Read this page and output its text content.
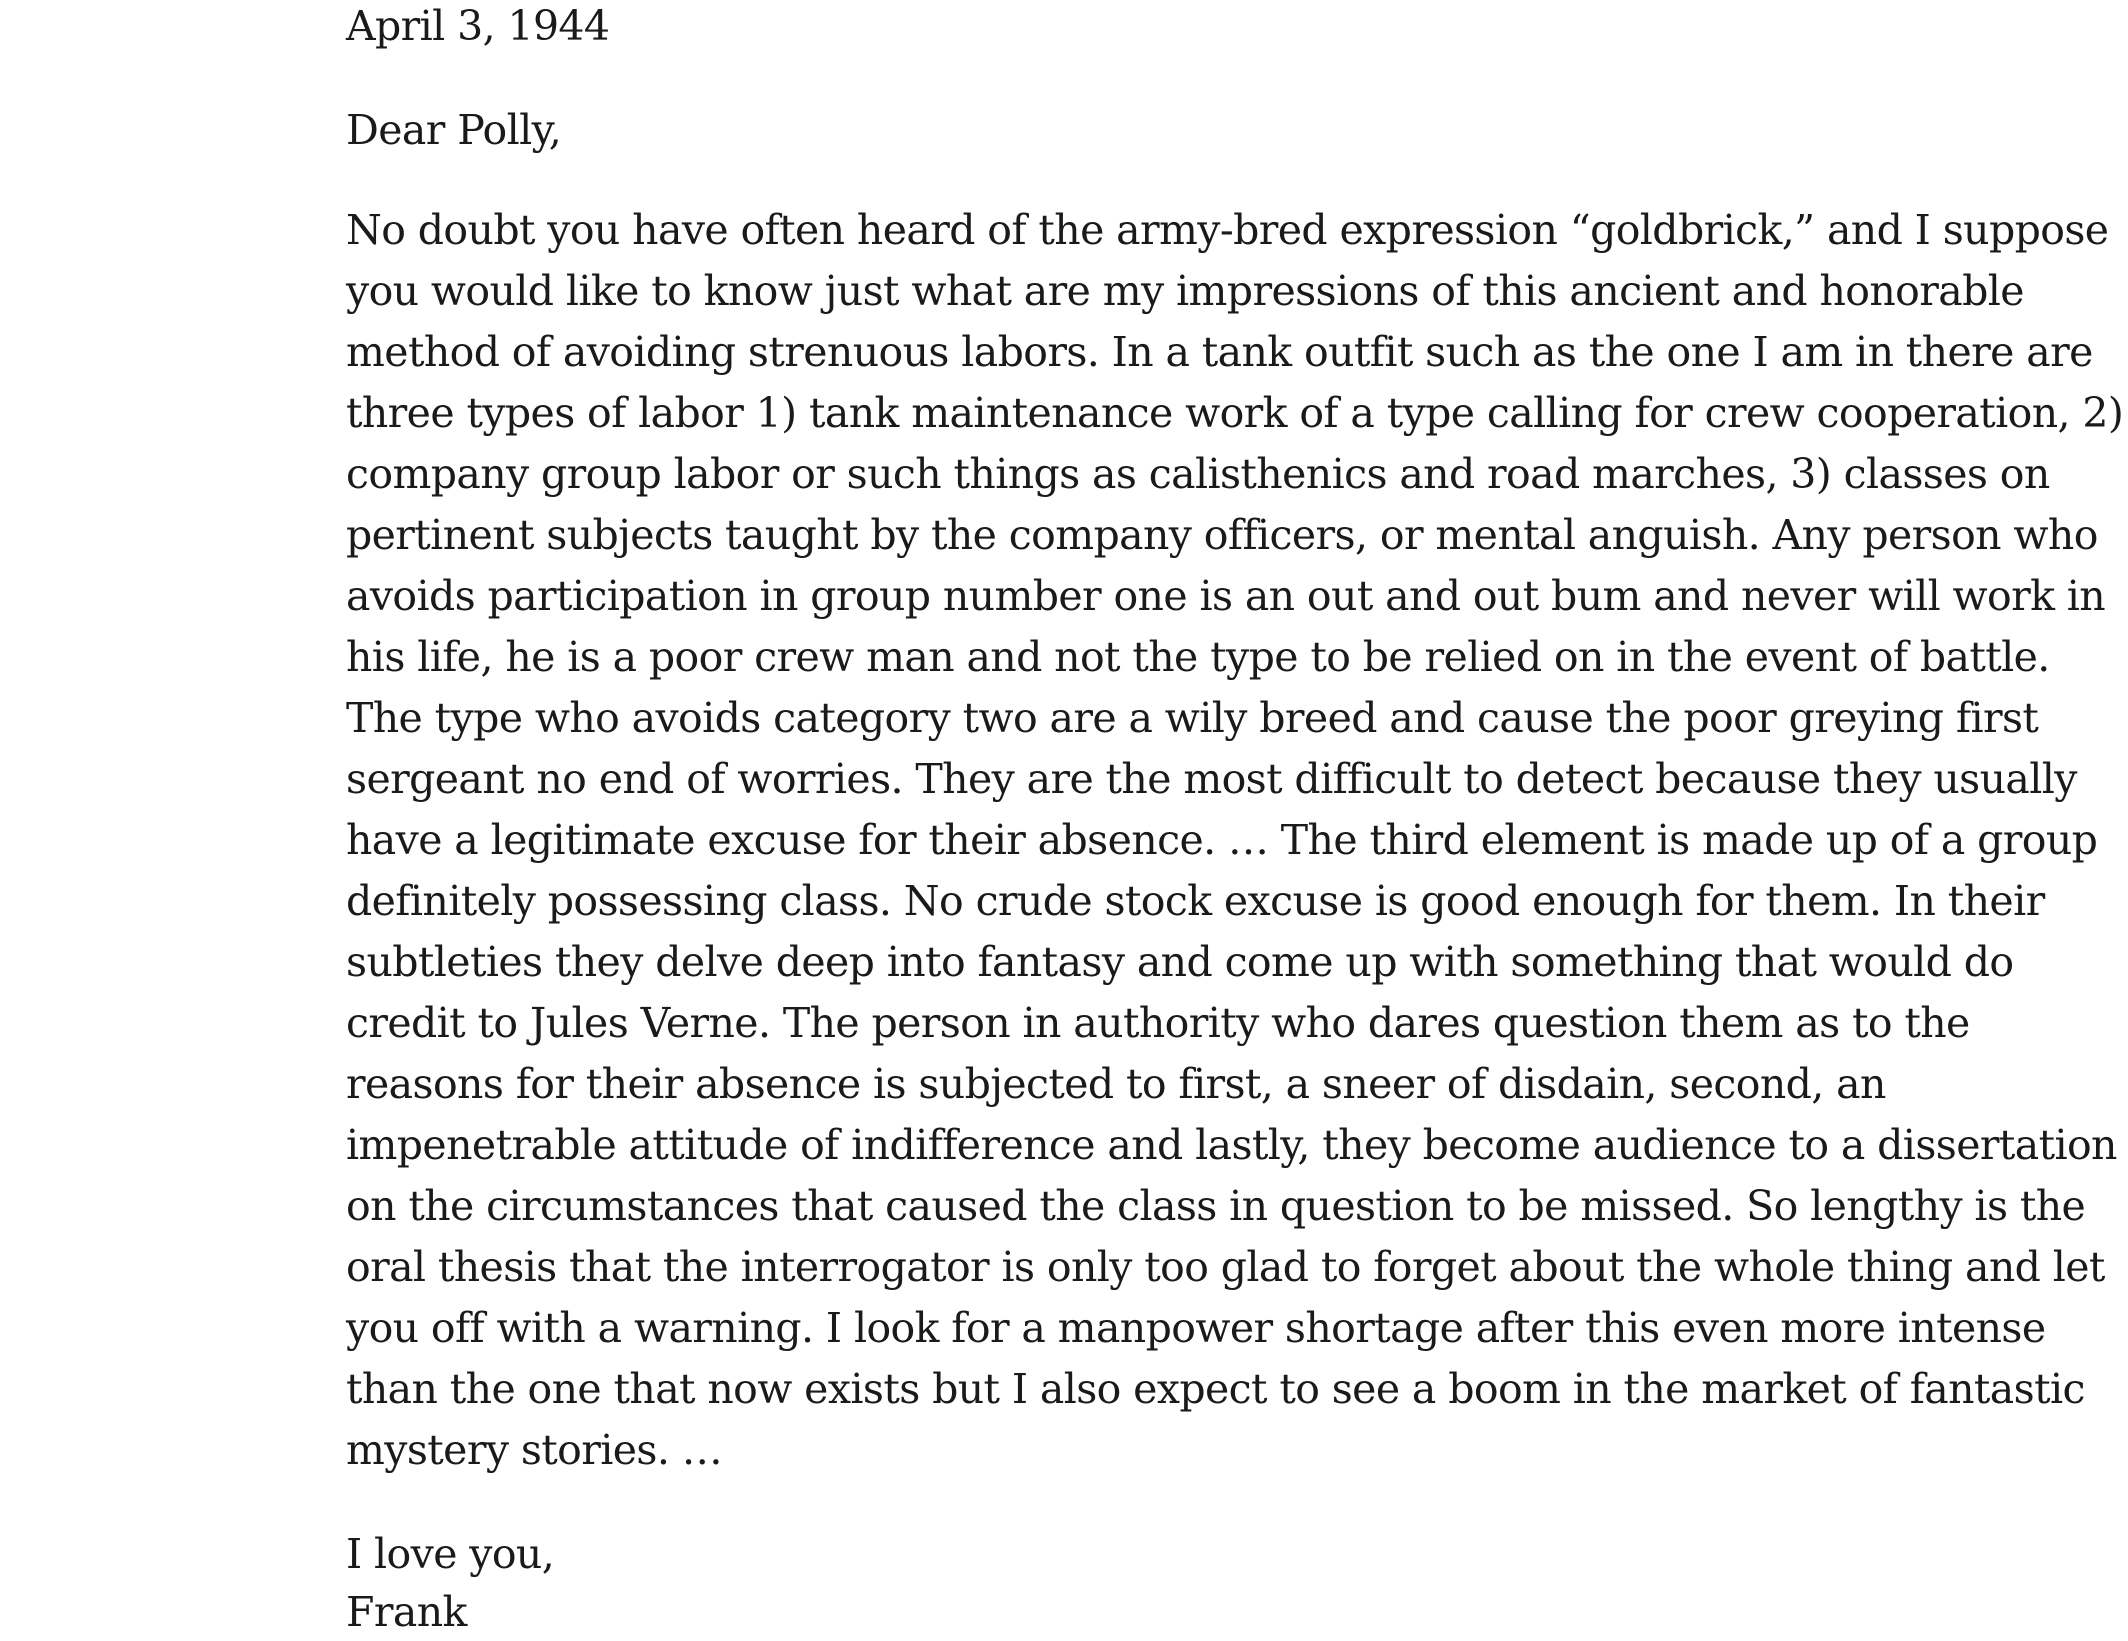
April 3, 1944

Dear Polly,

No doubt you have often heard of the army-bred expression “goldbrick,” and I suppose you would like to know just what are my impressions of this ancient and honorable method of avoiding strenuous labors. In a tank outfit such as the one I am in there are three types of labor 1) tank maintenance work of a type calling for crew cooperation, 2) company group labor or such things as calisthenics and road marches, 3) classes on pertinent subjects taught by the company officers, or mental anguish. Any person who avoids participation in group number one is an out and out bum and never will work in his life, he is a poor crew man and not the type to be relied on in the event of battle. The type who avoids category two are a wily breed and cause the poor greying first sergeant no end of worries. They are the most difficult to detect because they usually have a legitimate excuse for their absence. … The third element is made up of a group definitely possessing class. No crude stock excuse is good enough for them. In their subtleties they delve deep into fantasy and come up with something that would do credit to Jules Verne. The person in authority who dares question them as to the reasons for their absence is subjected to first, a sneer of disdain, second, an impenetrable attitude of indifference and lastly, they become audience to a dissertation on the circumstances that caused the class in question to be missed. So lengthy is the oral thesis that the interrogator is only too glad to forget about the whole thing and let you off with a warning. I look for a manpower shortage after this even more intense than the one that now exists but I also expect to see a boom in the market of fantastic mystery stories. …

I love you,

Frank
